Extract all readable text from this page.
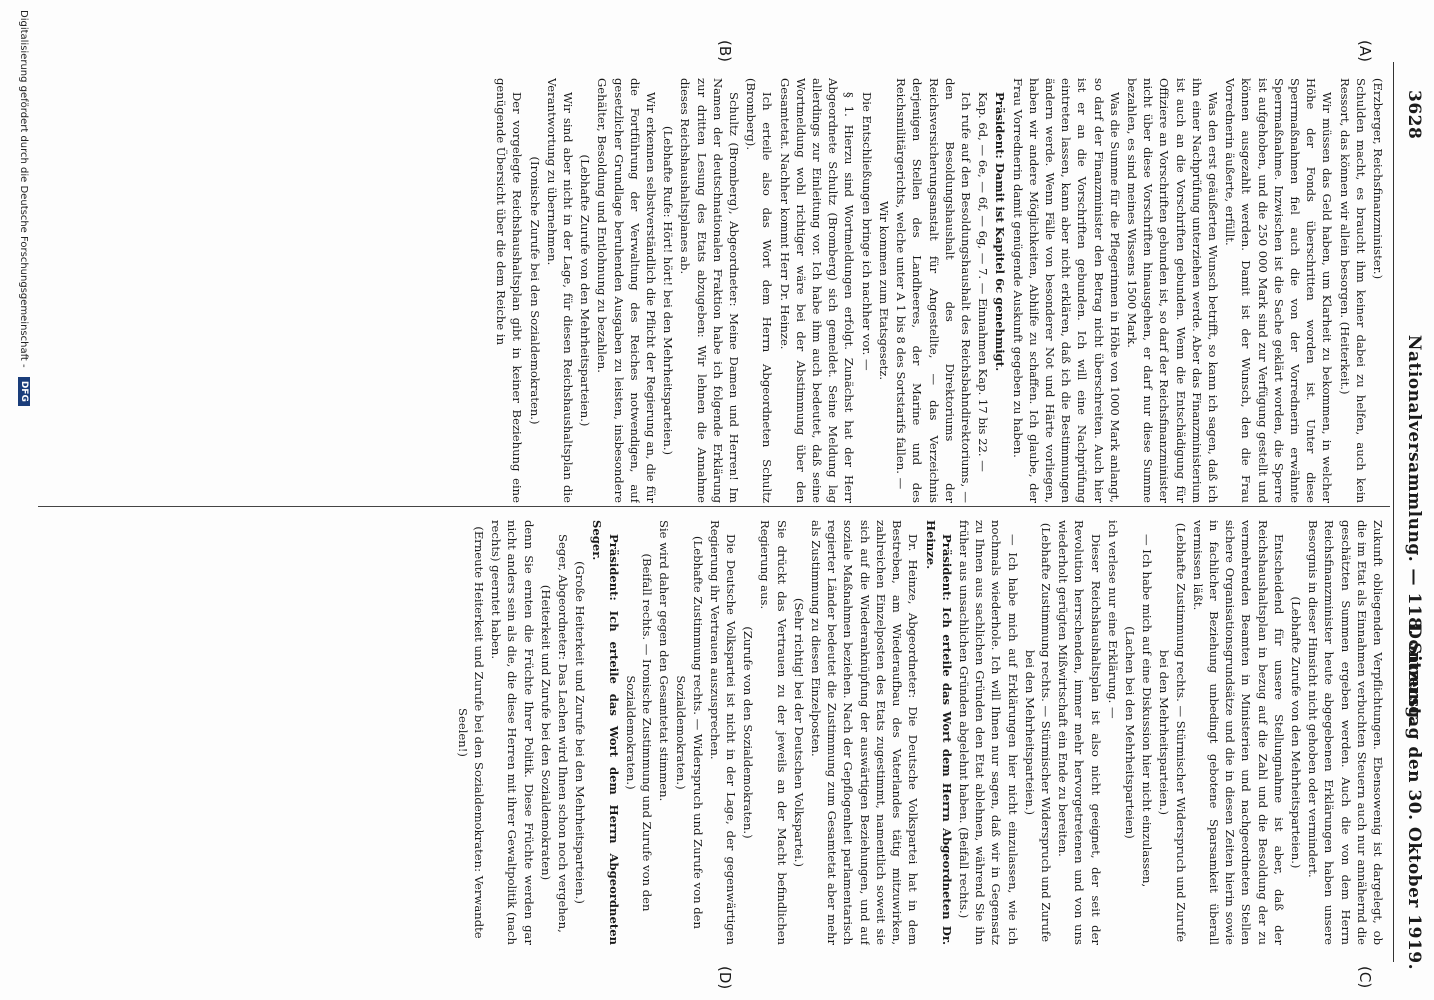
3628
Nationalversammlung. — 118. Sitzung.
Donnerstag den 30. Oktober 1919.
(A)
(B)
(C)
(D)

(Erzberger, Reichsfinanzminister.)

Schulden macht, es braucht ihm keiner dabei zu helfen, auch kein Ressort, das können wir allein besorgen. (Heiterkeit.)

Wir müssen das Geld haben, um Klarheit zu bekommen, in welcher Höhe der Fonds überschritten worden ist. Unter diese Sperrmaßnahmen fiel auch die von der Vorrednerin erwähnte Sperrmaßnahme. Inzwischen ist die Sache geklärt worden, die Sperre ist aufgehoben, und die 250 000 Mark sind zur Verfügung gestellt und können ausgezahlt werden. Damit ist der Wunsch, den die Frau Vorrednerin äußerte, erfüllt.

Was den erst geäußerten Wunsch betrifft, so kann ich sagen, daß ich ihn einer Nachprüfung unterziehen werde. Aber das Finanzministerium ist auch an die Vorschriften gebunden. Wenn die Entschädigung für Offiziere an Vorschriften gebunden ist, so darf der Reichsfinanzminister nicht über diese Vorschriften hinausgehen, er darf nur diese Summe bezahlen, es sind meines Wissens 1500 Mark.

Was die Summe für die Pflegerinnen in Höhe von 1000 Mark anlangt, so darf der Finanzminister den Betrag nicht überschreiten. Auch hier ist er an die Vorschriften gebunden. Ich will eine Nachprüfung eintreten lassen, kann aber nicht erklären, daß ich die Bestimmungen ändern werde. Wenn Fälle von besonderer Not und Härte vorliegen, haben wir andere Möglichkeiten, Abhilfe zu schaffen. Ich glaube, der Frau Vorrednerin damit genügende Auskunft gegeben zu haben.

Präsident: Damit ist Kapitel 6c genehmigt.

Kap. 6d, — 6e, — 6f, — 6g, — 7. — Einnahmen Kap. 17 bis 22. —

Ich rufe auf den Besoldungshaushalt des Reichsbahndirektoriums, — den Besoldungshaushalt des Direktoriums der Reichsversicherungsanstalt für Angestellte, — das Verzeichnis derjenigen Stellen des Landheeres, der Marine und des Reichsmilitärgerichts, welche unter A 1 bis 8 des Sortstarifs fallen. —

Wir kommen zum Etatsgesetz.

Die Entschließungen bringe ich nachher vor. —

§ 1. Hierzu sind Wortmeldungen erfolgt. Zunächst hat der Herr Abgeordnete Schultz (Bromberg) sich gemeldet. Seine Meldung lag allerdings zur Einleitung vor. Ich habe ihm auch bedeutet, daß seine Wortmeldung wohl richtiger wäre bei der Abstimmung über den Gesamtetat. Nachher kommt Herr Dr. Heinze.

Ich erteile also das Wort dem Herrn Abgeordneten Schultz (Bromberg).

Schultz (Bromberg), Abgeordneter: Meine Damen und Herren! Im Namen der deutschnationalen Fraktion habe ich folgende Erklärung zur dritten Lesung des Etats abzugeben: Wir lehnen die Annahme dieses Reichshaushaltsplanes ab.

(Lebhafte Rufe: Hört! hört! bei den Mehrheitsparteien.)

Wir erkennen selbstverständlich die Pflicht der Regierung an, die für die Fortführung der Verwaltung des Reiches notwendigen, auf gesetzlicher Grundlage beruhenden Ausgaben zu leisten, insbesondere Gehälter, Besoldung und Entlohnung zu bezahlen.

(Lebhafte Zurufe von den Mehrheitsparteien.)

Wir sind aber nicht in der Lage, für diesen Reichshaushaltsplan die Verantwortung zu übernehmen.

(Ironische Zurufe bei den Sozialdemokraten.)

Der vorgelegte Reichshaushaltsplan gibt in keiner Beziehung eine genügende Übersicht über die dem Reiche in

Zukunft obliegenden Verpflichtungen. Ebensowenig ist dargelegt, ob die im Etat als Einnahmen verbuchten Steuern auch nur annähernd die geschätzten Summen ergeben werden. Auch die von dem Herrn Reichsfinanzminister heute abgegebenen Erklärungen haben unsere Besorgnis in dieser Hinsicht nicht gehoben oder vermindert.

(Lebhafte Zurufe von den Mehrheitsparteien.)

Entscheidend für unsere Stellungnahme ist aber, daß der Reichshaushaltsplan in bezug auf die Zahl und die Besoldung der zu vermehrenden Beamten in Ministerien und nachgeordneten Stellen sichere Organisationsgrundsätze und die in diesen Zeiten hierin sowie in fachlicher Beziehung unbedingt gebotene Sparsamkeit überall vermissen läßt.

(Lebhafte Zustimmung rechts. — Stürmischer Widerspruch und Zurufe bei den Mehrheitsparteien.)

— Ich habe mich auf eine Diskussion hier nicht einzulassen,

(Lachen bei den Mehrheitsparteien)

ich verlese nur eine Erklärung. —

Dieser Reichshaushaltsplan ist also nicht geeignet, der seit der Revolution herrschenden, immer mehr hervorgetretenen und von uns wiederholt gerügten Mißwirtschaft ein Ende zu bereiten.

(Lebhafte Zustimmung rechts. — Stürmischer Widerspruch und Zurufe bei den Mehrheitsparteien.)

— Ich habe mich auf Erklärungen hier nicht einzulassen, wie ich nochmals wiederhole. Ich will Ihnen nur sagen, daß wir in Gegensatz zu Ihnen aus sachlichen Gründen den Etat ablehnen, während Sie ihn früher aus unsachlichen Gründen abgelehnt haben. (Beifall rechts.)

Präsident: Ich erteile das Wort dem Herrn Abgeordneten Dr. Heinze.

Dr. Heinze, Abgeordneter: Die Deutsche Volkspartei hat in dem Bestreben, am Wiederaufbau des Vaterlandes tätig mitzuwirken, zahlreichen Einzelposten des Etats zugestimmt, namentlich soweit sie sich auf die Wiederanknüpfung der auswärtigen Beziehungen, und auf soziale Maßnahmen beziehen. Nach der Gepflogenheit parlamentarisch regierter Länder bedeutet die Zustimmung zum Gesamtetat aber mehr als Zustimmung zu diesen Einzelposten.

(Sehr richtig! bei der Deutschen Volkspartei.)

Sie drückt das Vertrauen zu der jeweils an der Macht befindlichen Regierung aus.

(Zurufe von den Sozialdemokraten.)

Die Deutsche Volkspartei ist nicht in der Lage, der gegenwärtigen Regierung ihr Vertrauen auszusprechen.

(Lebhafte Zustimmung rechts. — Widerspruch und Zurufe von den Sozialdemokraten.)

Sie wird daher gegen den Gesamtetat stimmen.

(Beifall rechts. — Ironische Zustimmung und Zurufe von den Sozialdemokraten.)

Präsident: Ich erteile das Wort dem Herrn Abgeordneten Seger.

(Große Heiterkeit und Zurufe bei den Mehrheitsparteien.)

Seger, Abgeordneter: Das Lachen wird Ihnen schon noch vergehen,

(Heiterkeit und Zurufe bei den Sozialdemokraten)

denn Sie ernten die Früchte Ihrer Politik. Diese Früchte werden gar nicht anders sein als die, die diese Herren mit ihrer Gewaltpolitik (nach rechts) geerntet haben.

(Erneute Heiterkeit und Zurufe bei den Sozialdemokraten: Verwandte Seelen!)

Digitalisierung gefördert durch die Deutsche Forschungsgemeinschaft - DFG
